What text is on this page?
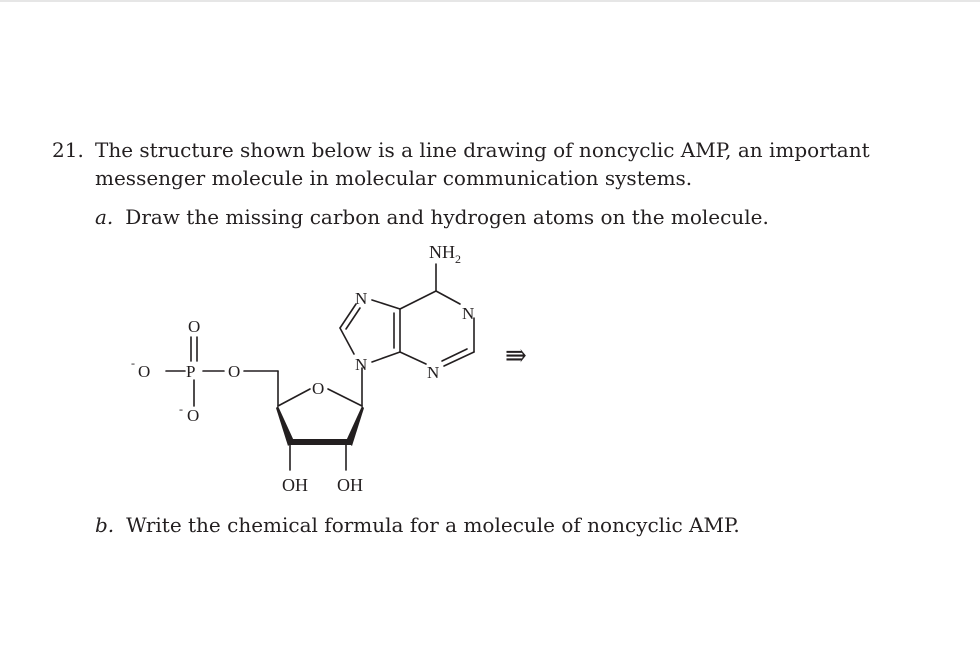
21. The structure shown below is a line drawing of noncyclic AMP, an important messenger molecule in molecular communication systems.
a. Draw the missing carbon and hydrogen atoms on the molecule.
$NH_2$
N
N
N	N
O
O
P
- O
- O
O
OH OH
⇛
b. Write the chemical formula for a molecule of noncyclic AMP.
